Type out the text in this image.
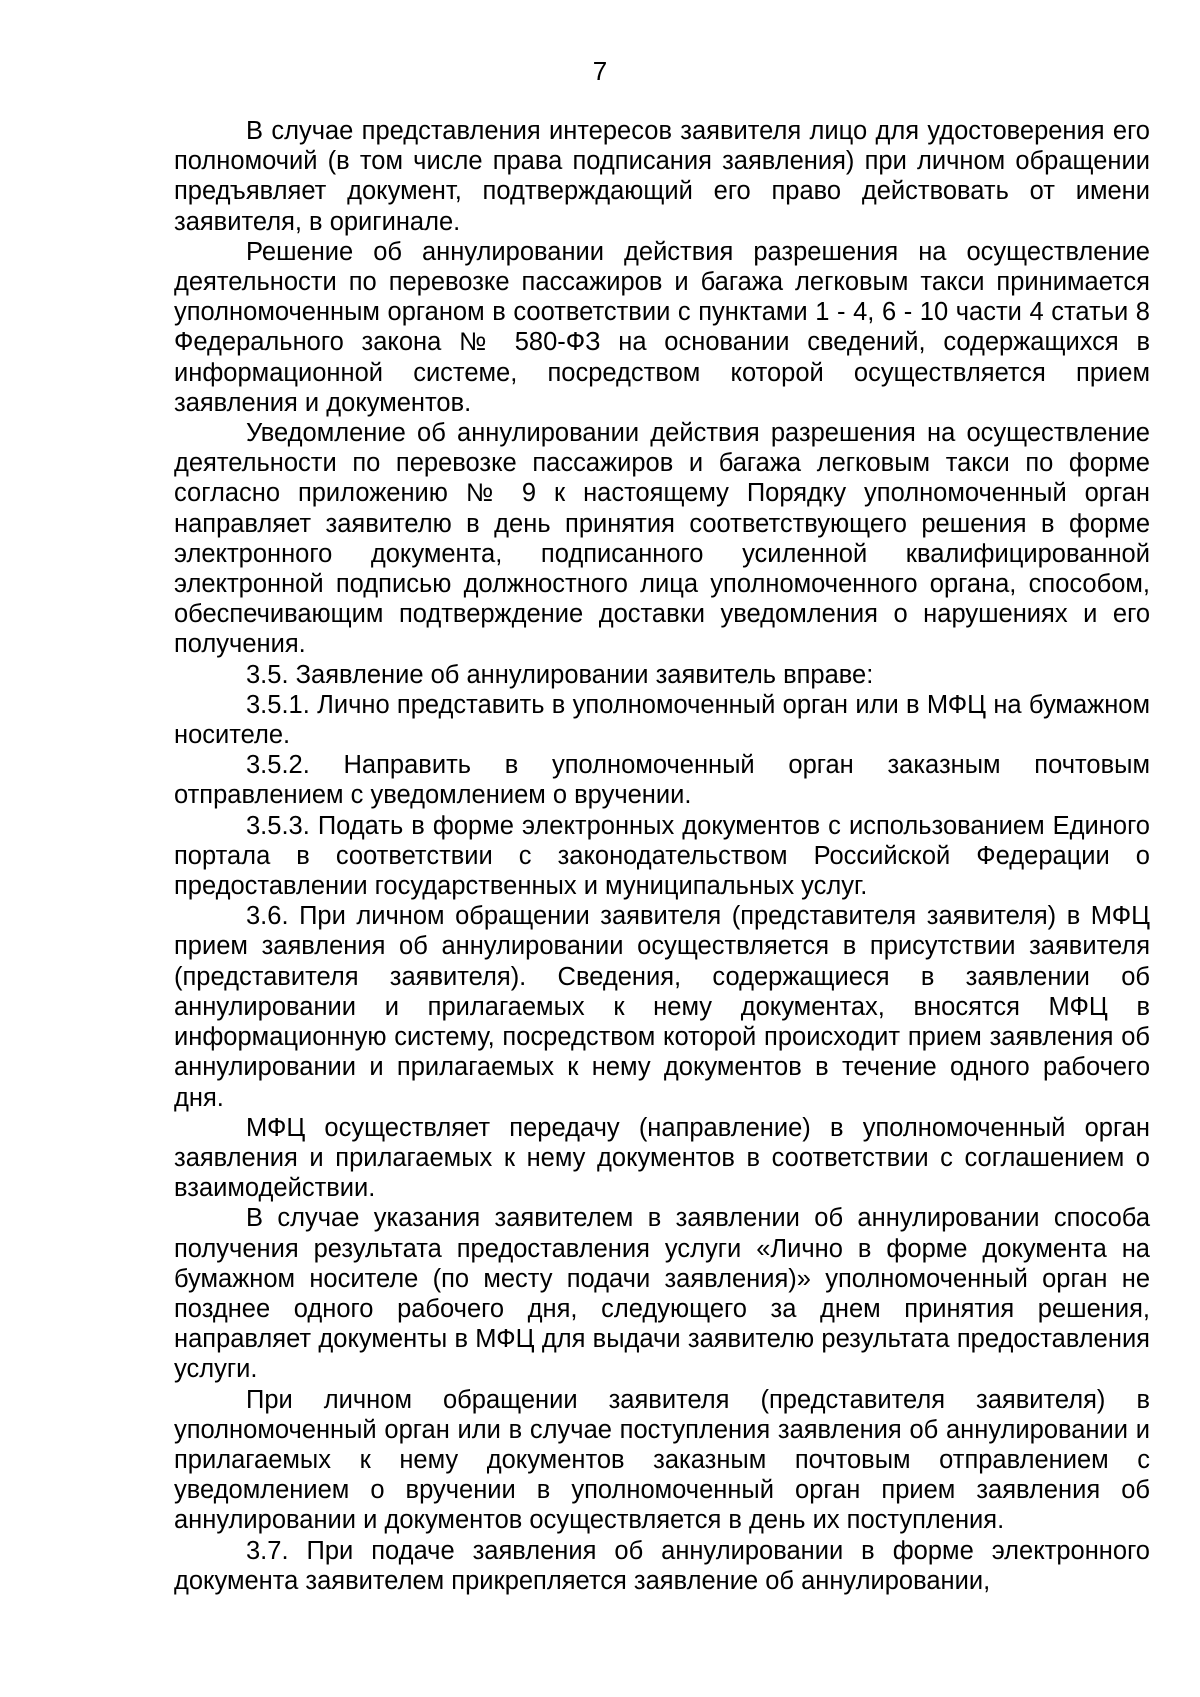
7

В случае представления интересов заявителя лицо для удостоверения его полномочий (в том числе права подписания заявления) при личном обращении предъявляет документ, подтверждающий его право действовать от имени заявителя, в оригинале.

Решение об аннулировании действия разрешения на осуществление деятельности по перевозке пассажиров и багажа легковым такси принимается уполномоченным органом в соответствии с пунктами 1 - 4, 6 - 10 части 4 статьи 8 Федерального закона № 580-ФЗ на основании сведений, содержащихся в информационной системе, посредством которой осуществляется прием заявления и документов.

Уведомление об аннулировании действия разрешения на осуществление деятельности по перевозке пассажиров и багажа легковым такси по форме согласно приложению № 9 к настоящему Порядку уполномоченный орган направляет заявителю в день принятия соответствующего решения в форме электронного документа, подписанного усиленной квалифицированной электронной подписью должностного лица уполномоченного органа, способом, обеспечивающим подтверждение доставки уведомления о нарушениях и его получения.

3.5. Заявление об аннулировании заявитель вправе:

3.5.1. Лично представить в уполномоченный орган или в МФЦ на бумажном носителе.

3.5.2. Направить в уполномоченный орган заказным почтовым отправлением с уведомлением о вручении.

3.5.3. Подать в форме электронных документов с использованием Единого портала в соответствии с законодательством Российской Федерации о предоставлении государственных и муниципальных услуг.

3.6. При личном обращении заявителя (представителя заявителя) в МФЦ прием заявления об аннулировании осуществляется в присутствии заявителя (представителя заявителя). Сведения, содержащиеся в заявлении об аннулировании и прилагаемых к нему документах, вносятся МФЦ в информационную систему, посредством которой происходит прием заявления об аннулировании и прилагаемых к нему документов в течение одного рабочего дня.

МФЦ осуществляет передачу (направление) в уполномоченный орган заявления и прилагаемых к нему документов в соответствии с соглашением о взаимодействии.

В случае указания заявителем в заявлении об аннулировании способа получения результата предоставления услуги «Лично в форме документа на бумажном носителе (по месту подачи заявления)» уполномоченный орган не позднее одного рабочего дня, следующего за днем принятия решения, направляет документы в МФЦ для выдачи заявителю результата предоставления услуги.

При личном обращении заявителя (представителя заявителя) в уполномоченный орган или в случае поступления заявления об аннулировании и прилагаемых к нему документов заказным почтовым отправлением с уведомлением о вручении в уполномоченный орган прием заявления об аннулировании и документов осуществляется в день их поступления.

3.7. При подаче заявления об аннулировании в форме электронного документа заявителем прикрепляется заявление об аннулировании,
